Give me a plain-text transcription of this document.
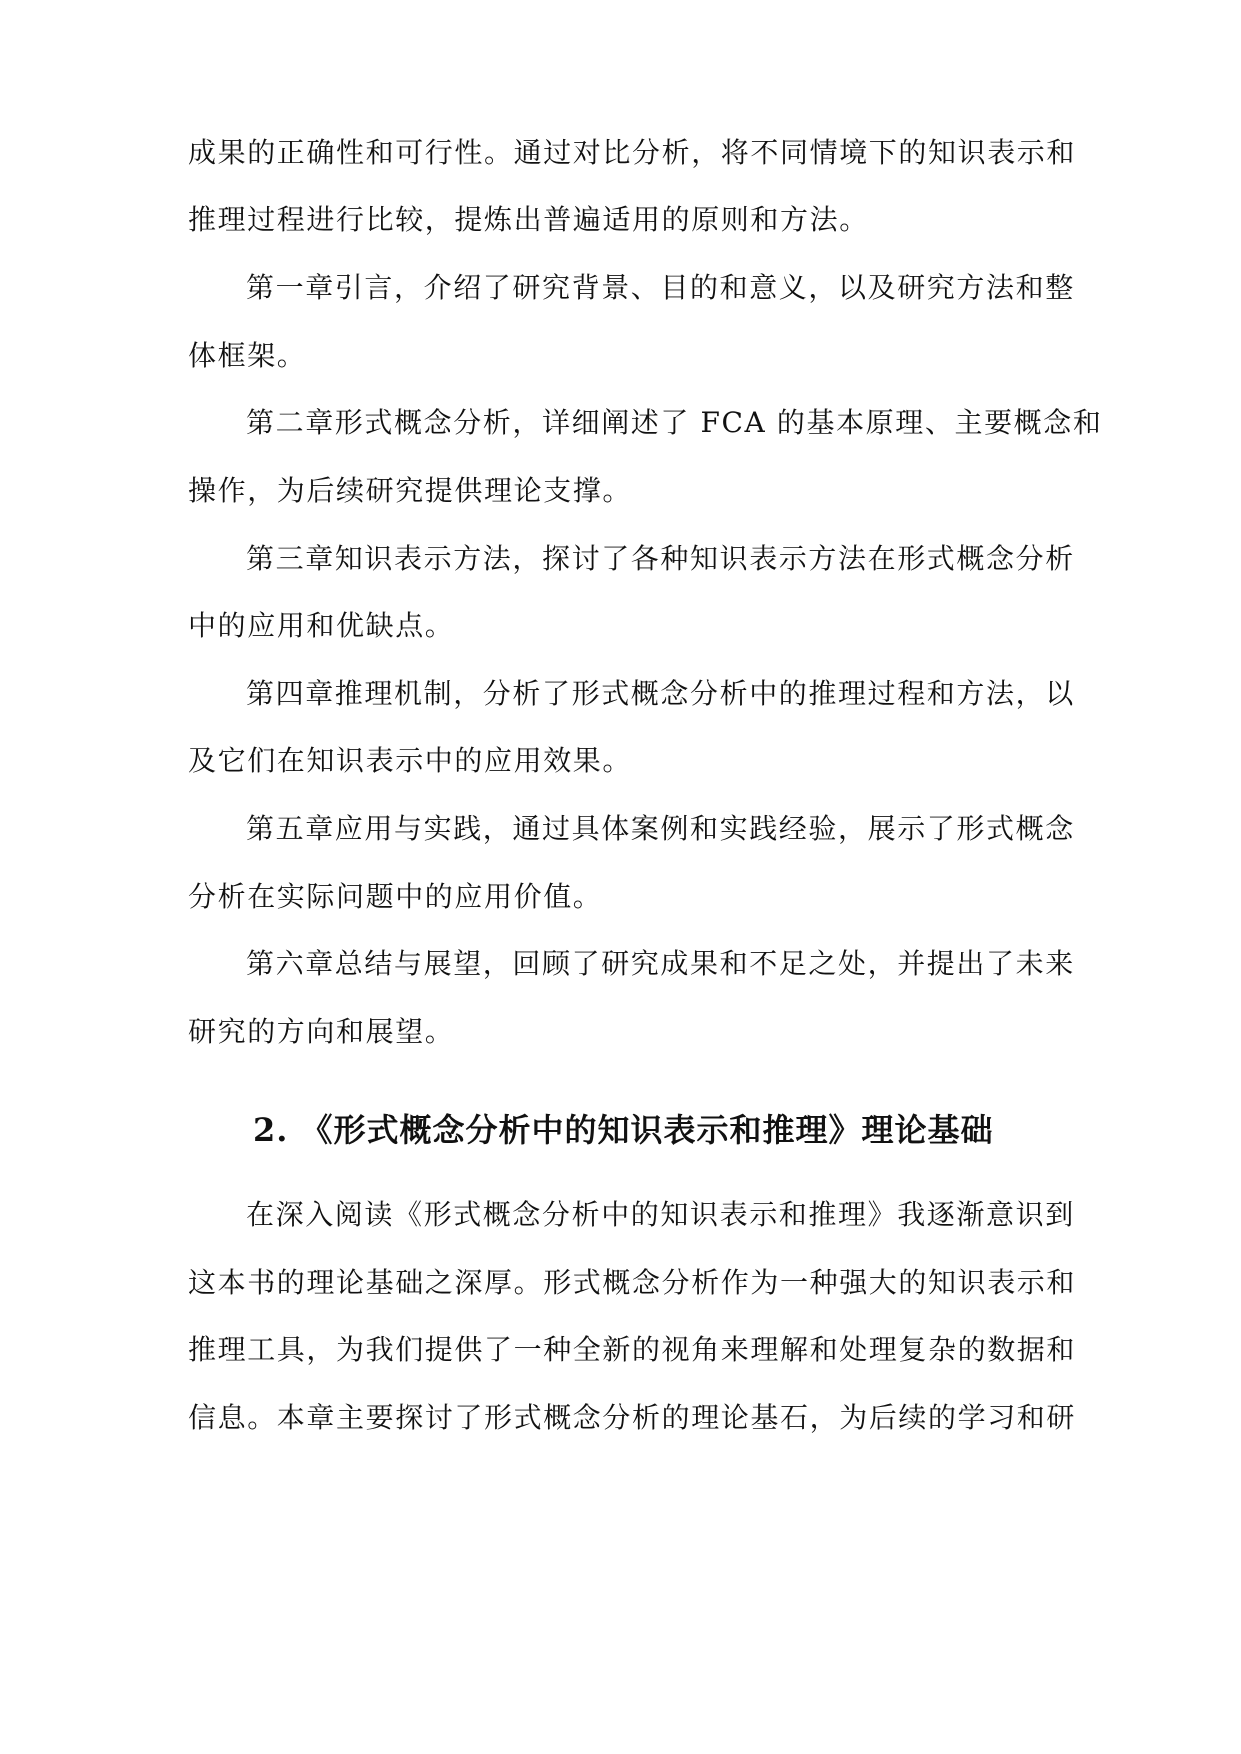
成果的正确性和可行性。通过对比分析，将不同情境下的知识表示和
推理过程进行比较，提炼出普遍适用的原则和方法。
第一章引言，介绍了研究背景、目的和意义，以及研究方法和整
体框架。
第二章形式概念分析，详细阐述了 FCA 的基本原理、主要概念和
操作，为后续研究提供理论支撑。
第三章知识表示方法，探讨了各种知识表示方法在形式概念分析
中的应用和优缺点。
第四章推理机制，分析了形式概念分析中的推理过程和方法，以
及它们在知识表示中的应用效果。
第五章应用与实践，通过具体案例和实践经验，展示了形式概念
分析在实际问题中的应用价值。
第六章总结与展望，回顾了研究成果和不足之处，并提出了未来
研究的方向和展望。
2. 《形式概念分析中的知识表示和推理》理论基础
在深入阅读《形式概念分析中的知识表示和推理》我逐渐意识到
这本书的理论基础之深厚。形式概念分析作为一种强大的知识表示和
推理工具，为我们提供了一种全新的视角来理解和处理复杂的数据和
信息。本章主要探讨了形式概念分析的理论基石，为后续的学习和研
